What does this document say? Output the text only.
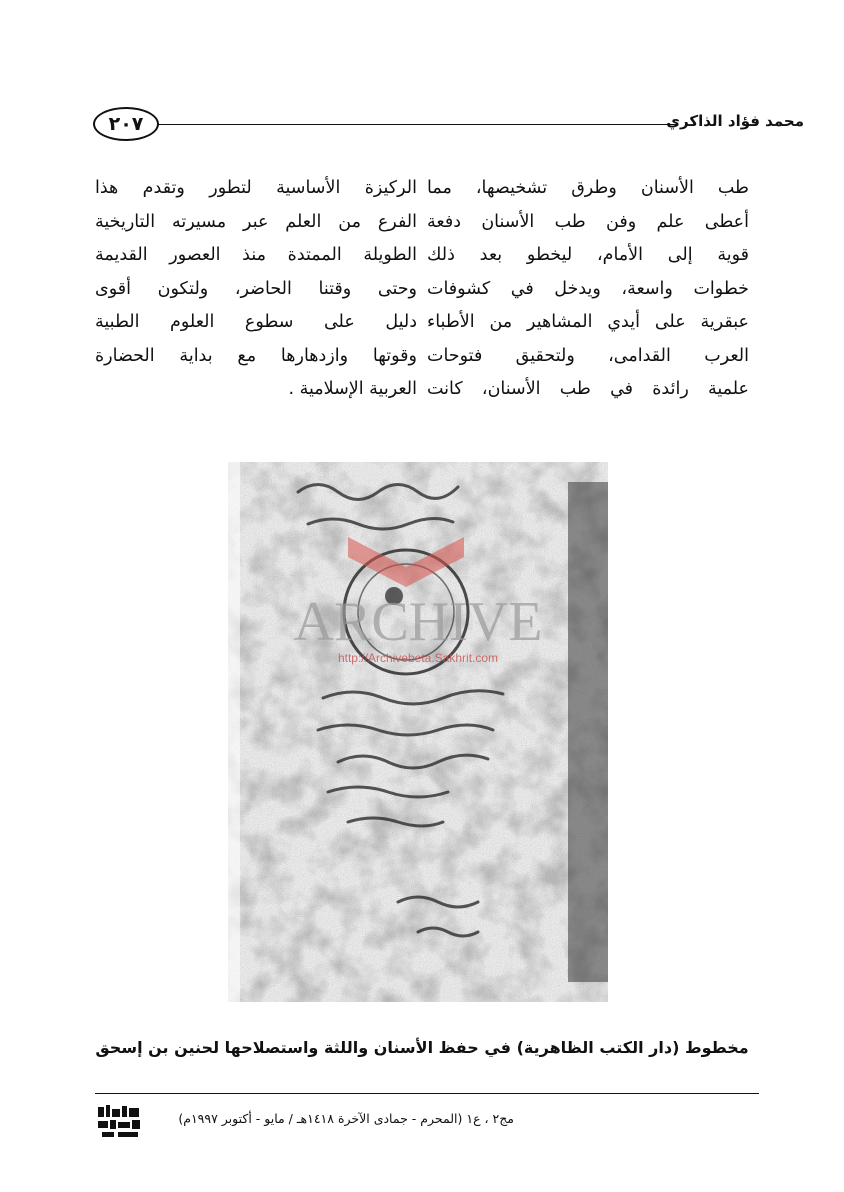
محمد فؤاد الذاكري
٢٠٧
طب الأسنان وطرق تشخيصها، مما
أعطى علم وفن طب الأسنان دفعة
قوية إلى الأمام، ليخطو بعد ذلك
خطوات واسعة، ويدخل في كشوفات
عبقرية على أيدي المشاهير من الأطباء
العرب القدامى، ولتحقيق فتوحات
علمية رائدة في طب الأسنان، كانت
الركيزة الأساسية لتطور وتقدم هذا
الفرع من العلم عبر مسيرته التاريخية
الطويلة الممتدة منذ العصور القديمة
وحتى وقتنا الحاضر، ولتكون أقوى
دليل على سطوع العلوم الطبية
وقوتها وازدهارها مع بداية الحضارة
العربية الإسلامية .
ARCHIVE
http://Archivebeta.Sakhrit.com
مخطوط (دار الكتب الظاهرية) في حفظ الأسنان واللثة واستصلاحها لحنين بن إسحق
مج٢ ، ع١ (المحرم - جمادى الآخرة ١٤١٨هـ / مايو - أكتوبر ١٩٩٧م)
